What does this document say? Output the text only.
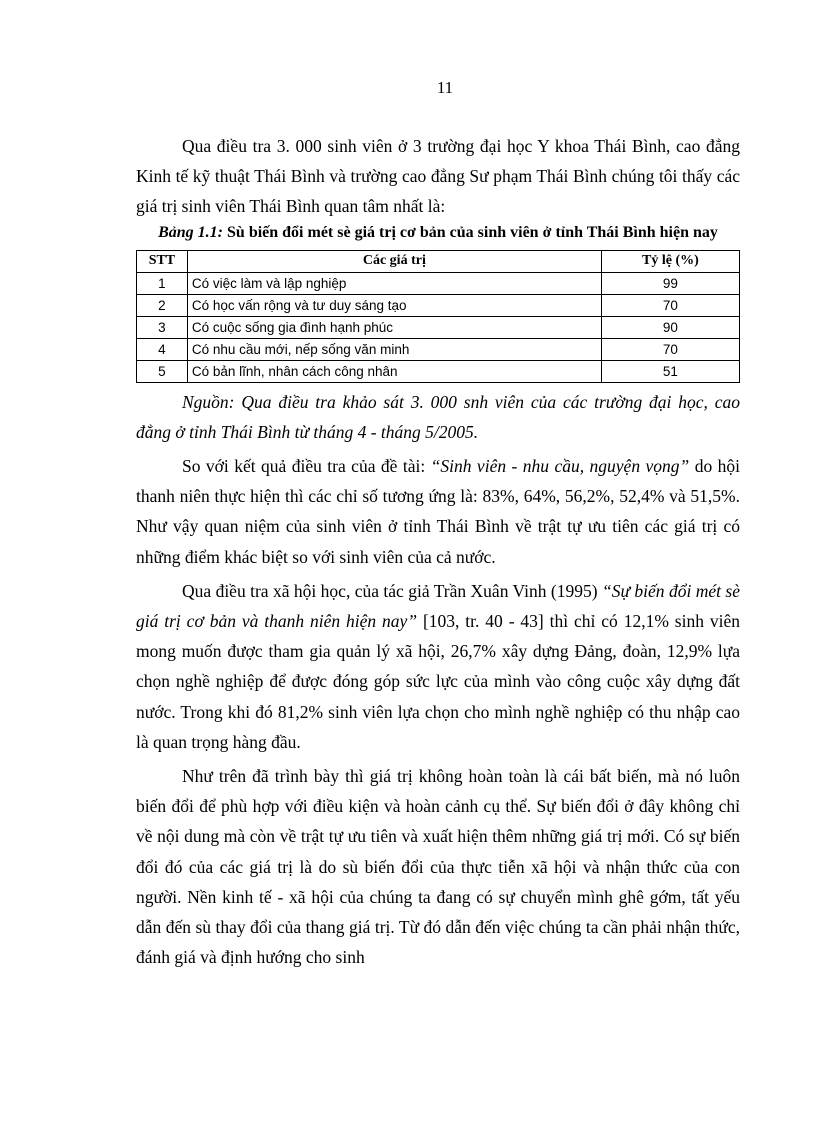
11

Qua điều tra 3. 000 sinh viên ở 3 trường đại học Y khoa Thái Bình, cao đẳng Kinh tế kỹ thuật Thái Bình và trường cao đẳng Sư phạm Thái Bình chúng tôi thấy các giá trị sinh viên Thái Bình quan tâm nhất là:

Bảng 1.1: Sù biến đổi mét sè giá trị cơ bản của sinh viên ở tỉnh Thái Bình hiện nay

STT	Các giá trị	Tỷ lệ (%)
1	Có việc làm và lập nghiệp	99
2	Có học vấn rộng và tư duy sáng tạo	70
3	Có cuộc sống gia đình hạnh phúc	90
4	Có nhu cầu mới, nếp sống văn minh	70
5	Có bản lĩnh, nhân cách công nhân	51

Nguồn: Qua điều tra khảo sát 3. 000 snh viên của các trường đại học, cao đẳng ở tỉnh Thái Bình từ tháng 4 - tháng 5/2005.

So với kết quả điều tra của đề tài: “Sinh viên - nhu cầu, nguyện vọng” do hội thanh niên thực hiện thì các chỉ số tương ứng là: 83%, 64%, 56,2%, 52,4% và 51,5%. Như vậy quan niệm của sinh viên ở tỉnh Thái Bình về trật tự ưu tiên các giá trị có những điểm khác biệt so với sinh viên của cả nước.

Qua điều tra xã hội học, của tác giả Trần Xuân Vinh (1995) “Sự biến đổi mét sè giá trị cơ bản và thanh niên hiện nay” [103, tr. 40 - 43] thì chỉ có 12,1% sinh viên mong muốn được tham gia quản lý xã hội, 26,7% xây dựng Đảng, đoàn, 12,9% lựa chọn nghề nghiệp để được đóng góp sức lực của mình vào công cuộc xây dựng đất nước. Trong khi đó 81,2% sinh viên lựa chọn cho mình nghề nghiệp có thu nhập cao là quan trọng hàng đầu.

Như trên đã trình bày thì giá trị không hoàn toàn là cái bất biến, mà nó luôn biến đổi để phù hợp với điều kiện và hoàn cảnh cụ thể. Sự biến đổi ở đây không chỉ về nội dung mà còn về trật tự ưu tiên và xuất hiện thêm những giá trị mới. Có sự biến đổi đó của các giá trị là do sù biến đổi của thực tiễn xã hội và nhận thức của con người. Nền kinh tế - xã hội của chúng ta đang có sự chuyển mình ghê gớm, tất yếu dẫn đến sù thay đổi của thang giá trị. Từ đó dẫn đến việc chúng ta cần phải nhận thức, đánh giá và định hướng cho sinh
